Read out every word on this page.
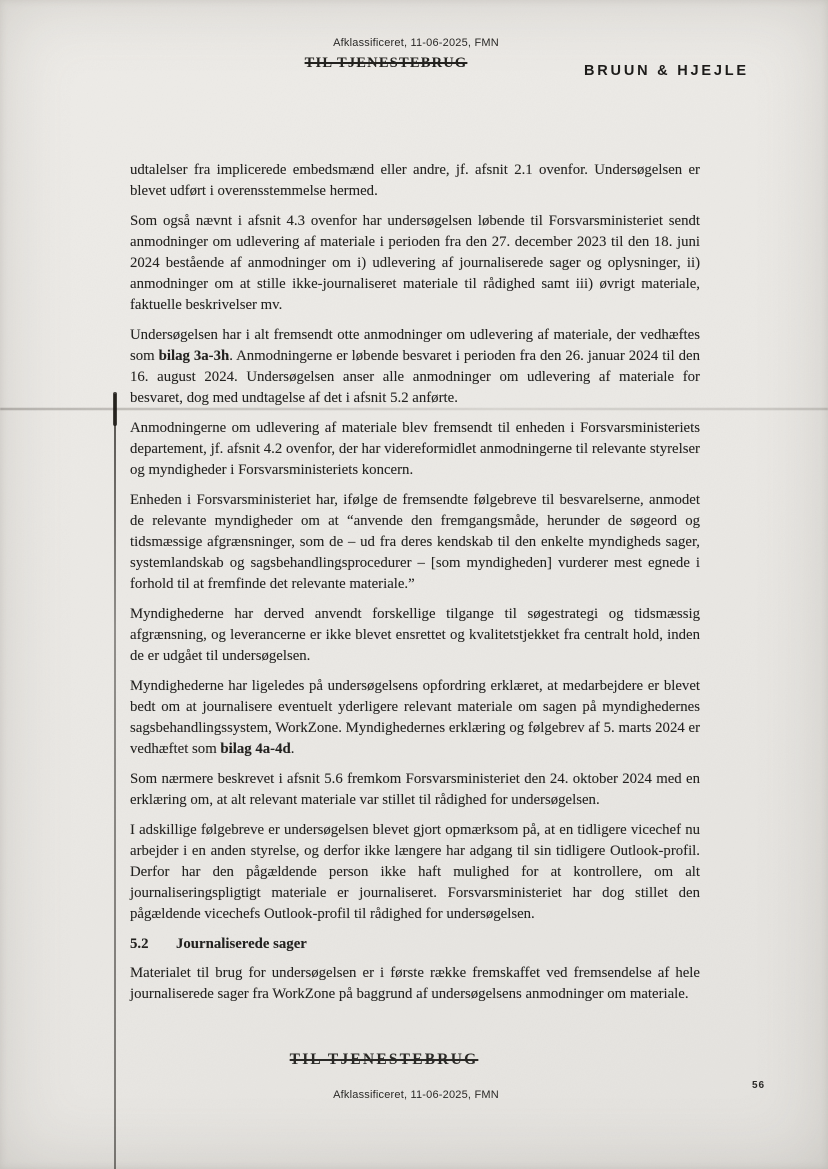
Afklassificeret, 11-06-2025, FMN
TIL TJENESTEBRUG	BRUUN & HJEJLE

udtalelser fra implicerede embedsmænd eller andre, jf. afsnit 2.1 ovenfor. Undersøgelsen er blevet udført i overensstemmelse hermed.

Som også nævnt i afsnit 4.3 ovenfor har undersøgelsen løbende til Forsvarsministeriet sendt anmodninger om udlevering af materiale i perioden fra den 27. december 2023 til den 18. juni 2024 bestående af anmodninger om i) udlevering af journaliserede sager og oplysninger, ii) anmodninger om at stille ikke-journaliseret materiale til rådighed samt iii) øvrigt materiale, faktuelle beskrivelser mv.

Undersøgelsen har i alt fremsendt otte anmodninger om udlevering af materiale, der vedhæftes som bilag 3a-3h. Anmodningerne er løbende besvaret i perioden fra den 26. januar 2024 til den 16. august 2024. Undersøgelsen anser alle anmodninger om udlevering af materiale for besvaret, dog med undtagelse af det i afsnit 5.2 anførte.

Anmodningerne om udlevering af materiale blev fremsendt til enheden i Forsvarsministeriets departement, jf. afsnit 4.2 ovenfor, der har videreformidlet anmodningerne til relevante styrelser og myndigheder i Forsvarsministeriets koncern.

Enheden i Forsvarsministeriet har, ifølge de fremsendte følgebreve til besvarelserne, anmodet de relevante myndigheder om at “anvende den fremgangsmåde, herunder de søgeord og tidsmæssige afgrænsninger, som de – ud fra deres kendskab til den enkelte myndigheds sager, systemlandskab og sagsbehandlingsprocedurer – [som myndigheden] vurderer mest egnede i forhold til at fremfinde det relevante materiale.”

Myndighederne har derved anvendt forskellige tilgange til søgestrategi og tidsmæssig afgrænsning, og leverancerne er ikke blevet ensrettet og kvalitetstjekket fra centralt hold, inden de er udgået til undersøgelsen.

Myndighederne har ligeledes på undersøgelsens opfordring erklæret, at medarbejdere er blevet bedt om at journalisere eventuelt yderligere relevant materiale om sagen på myndighedernes sagsbehandlingssystem, WorkZone. Myndighedernes erklæring og følgebrev af 5. marts 2024 er vedhæftet som bilag 4a-4d.

Som nærmere beskrevet i afsnit 5.6 fremkom Forsvarsministeriet den 24. oktober 2024 med en erklæring om, at alt relevant materiale var stillet til rådighed for undersøgelsen.

I adskillige følgebreve er undersøgelsen blevet gjort opmærksom på, at en tidligere vicechef nu arbejder i en anden styrelse, og derfor ikke længere har adgang til sin tidligere Outlook-profil. Derfor har den pågældende person ikke haft mulighed for at kontrollere, om alt journaliseringspligtigt materiale er journaliseret. Forsvarsministeriet har dog stillet den pågældende vicechefs Outlook-profil til rådighed for undersøgelsen.

5.2 Journaliserede sager

Materialet til brug for undersøgelsen er i første række fremskaffet ved fremsendelse af hele journaliserede sager fra WorkZone på baggrund af undersøgelsens anmodninger om materiale.

TIL TJENESTEBRUG
Afklassificeret, 11-06-2025, FMN
56
